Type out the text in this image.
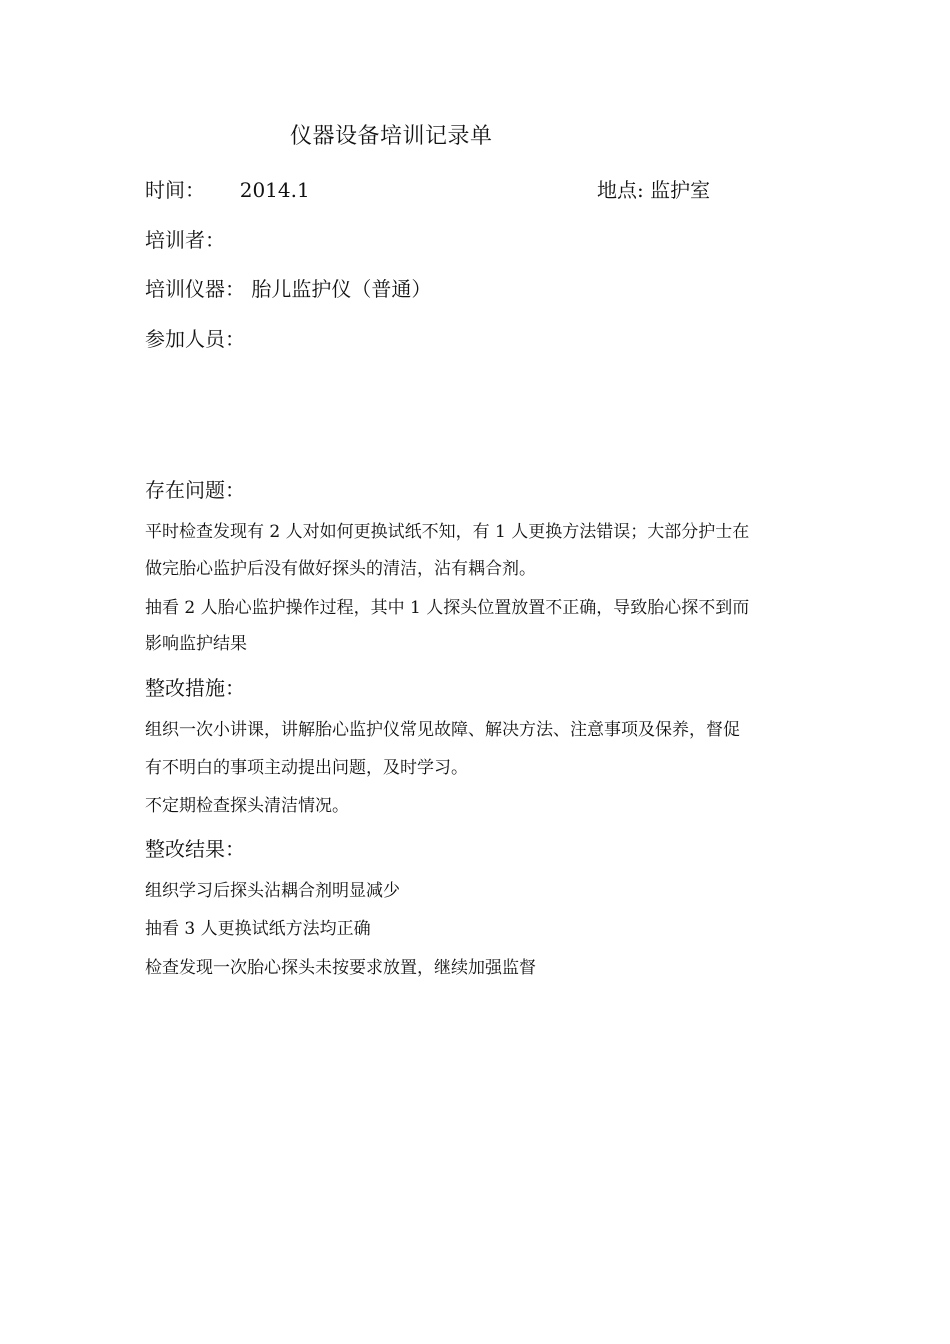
仪器设备培训记录单
时间： 2014.1	地点: 监护室
培训者：
培训仪器： 胎儿监护仪（普通）
参加人员：
存在问题：
平时检查发现有 2 人对如何更换试纸不知，有 1 人更换方法错误；大部分护士在
做完胎心监护后没有做好探头的清洁，沾有耦合剂。
抽看 2 人胎心监护操作过程，其中 1 人探头位置放置不正确，导致胎心探不到而
影响监护结果
整改措施：
组织一次小讲课，讲解胎心监护仪常见故障、解决方法、注意事项及保养，督促
有不明白的事项主动提出问题，及时学习。
不定期检查探头清洁情况。
整改结果：
组织学习后探头沾耦合剂明显减少
抽看 3 人更换试纸方法均正确
检查发现一次胎心探头未按要求放置，继续加强监督
